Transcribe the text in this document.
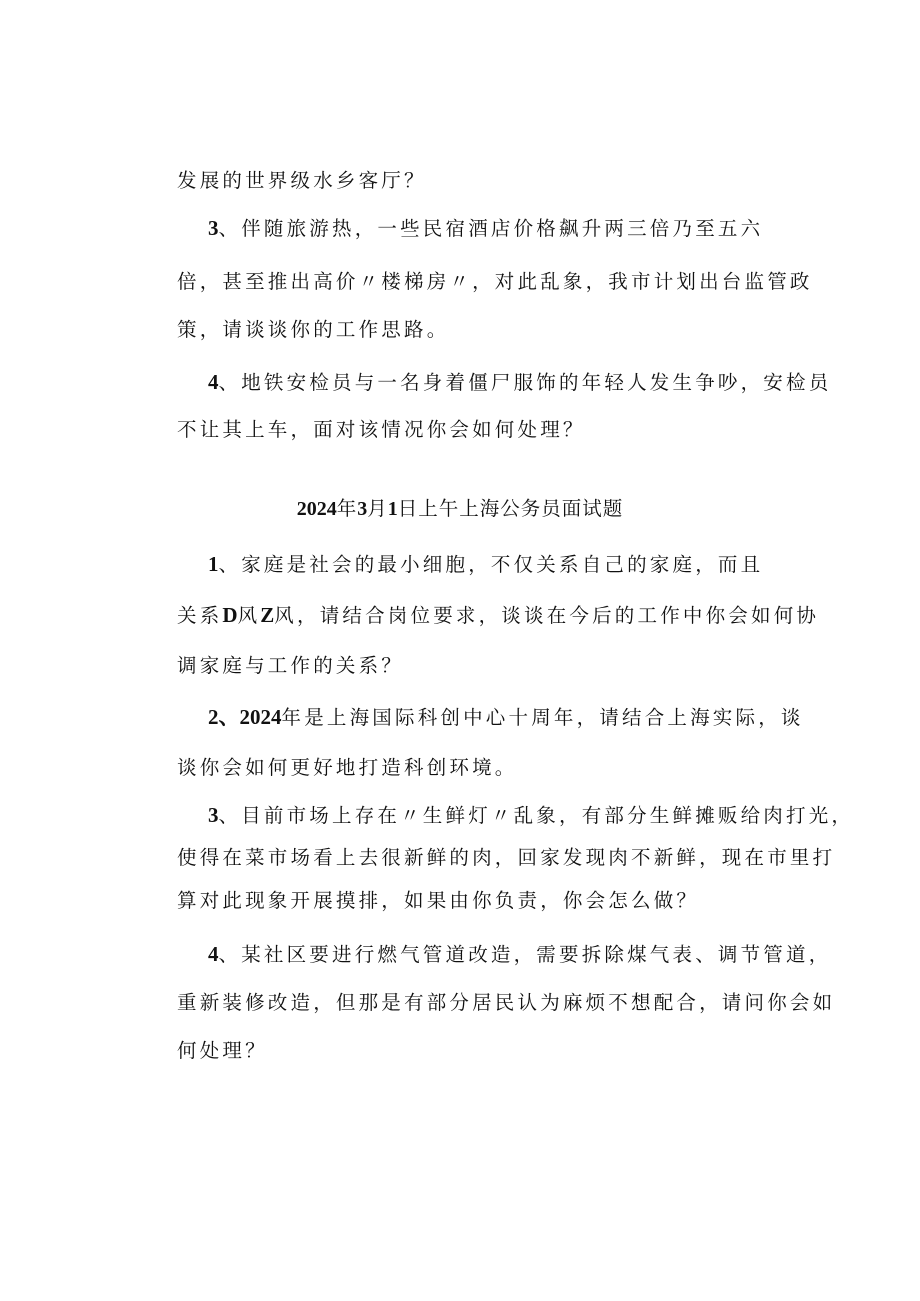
发展的世界级水乡客厅？
3、伴随旅游热，一些民宿酒店价格飙升两三倍乃至五六
倍，甚至推出高价〃楼梯房〃，对此乱象，我市计划出台监管政
策，请谈谈你的工作思路。
4、地铁安检员与一名身着僵尸服饰的年轻人发生争吵，安检员
不让其上车，面对该情况你会如何处理？
2024年3月1日上午上海公务员面试题
1、家庭是社会的最小细胞，不仅关系自己的家庭，而且
关系D风Z风，请结合岗位要求，谈谈在今后的工作中你会如何协
调家庭与工作的关系？
2、2024年是上海国际科创中心十周年，请结合上海实际，谈
谈你会如何更好地打造科创环境。
3、目前市场上存在〃生鲜灯〃乱象，有部分生鲜摊贩给肉打光，
使得在菜市场看上去很新鲜的肉，回家发现肉不新鲜，现在市里打
算对此现象开展摸排，如果由你负责，你会怎么做？
4、某社区要进行燃气管道改造，需要拆除煤气表、调节管道，
重新装修改造，但那是有部分居民认为麻烦不想配合，请问你会如
何处理？
